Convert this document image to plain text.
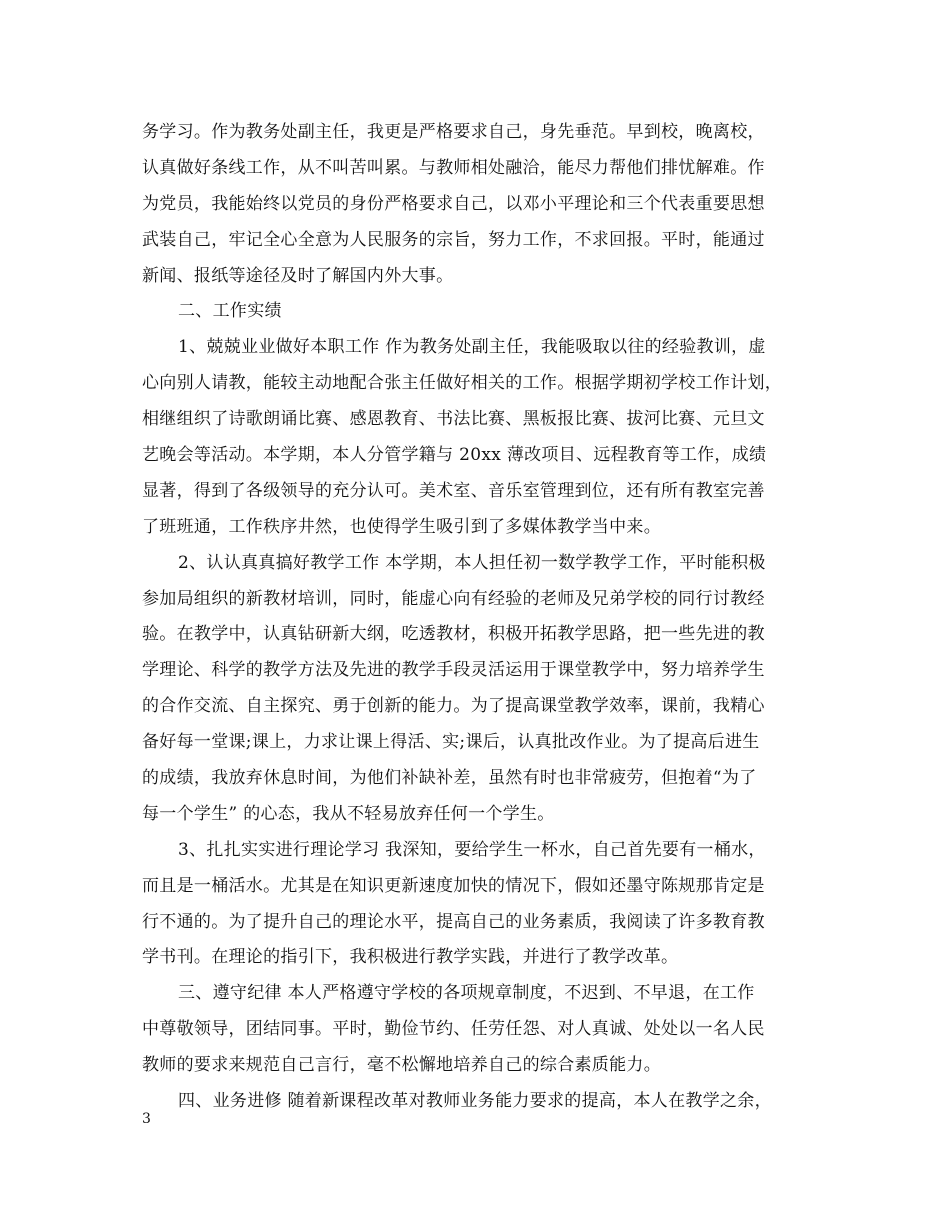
务学习。作为教务处副主任，我更是严格要求自己，身先垂范。早到校，晚离校，
认真做好条线工作，从不叫苦叫累。与教师相处融洽，能尽力帮他们排忧解难。作
为党员，我能始终以党员的身份严格要求自己，以邓小平理论和三个代表重要思想
武装自己，牢记全心全意为人民服务的宗旨，努力工作，不求回报。平时，能通过
新闻、报纸等途径及时了解国内外大事。
二、工作实绩
1、兢兢业业做好本职工作 作为教务处副主任，我能吸取以往的经验教训，虚
心向别人请教，能较主动地配合张主任做好相关的工作。根据学期初学校工作计划，
相继组织了诗歌朗诵比赛、感恩教育、书法比赛、黑板报比赛、拔河比赛、元旦文
艺晚会等活动。本学期，本人分管学籍与 20xx 薄改项目、远程教育等工作，成绩
显著，得到了各级领导的充分认可。美术室、音乐室管理到位，还有所有教室完善
了班班通，工作秩序井然，也使得学生吸引到了多媒体教学当中来。
2、认认真真搞好教学工作 本学期，本人担任初一数学教学工作，平时能积极
参加局组织的新教材培训，同时，能虚心向有经验的老师及兄弟学校的同行讨教经
验。在教学中，认真钻研新大纲，吃透教材，积极开拓教学思路，把一些先进的教
学理论、科学的教学方法及先进的教学手段灵活运用于课堂教学中，努力培养学生
的合作交流、自主探究、勇于创新的能力。为了提高课堂教学效率，课前，我精心
备好每一堂课;课上，力求让课上得活、实;课后，认真批改作业。为了提高后进生
的成绩，我放弃休息时间，为他们补缺补差，虽然有时也非常疲劳，但抱着“为了
每一个学生” 的心态，我从不轻易放弃任何一个学生。
3、扎扎实实进行理论学习 我深知，要给学生一杯水，自己首先要有一桶水，
而且是一桶活水。尤其是在知识更新速度加快的情况下，假如还墨守陈规那肯定是
行不通的。为了提升自己的理论水平，提高自己的业务素质，我阅读了许多教育教
学书刊。在理论的指引下，我积极进行教学实践，并进行了教学改革。
三、遵守纪律 本人严格遵守学校的各项规章制度，不迟到、不早退，在工作
中尊敬领导，团结同事。平时，勤俭节约、任劳任怨、对人真诚、处处以一名人民
教师的要求来规范自己言行，毫不松懈地培养自己的综合素质能力。
四、业务进修 随着新课程改革对教师业务能力要求的提高，本人在教学之余，
3
